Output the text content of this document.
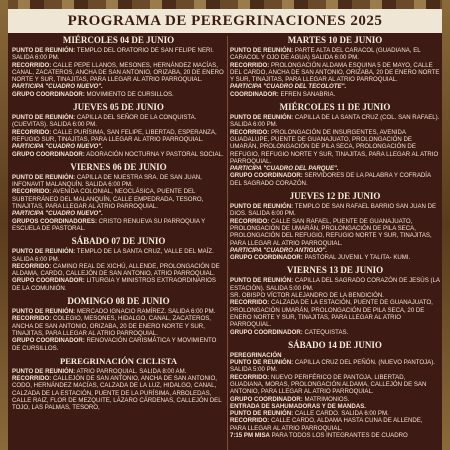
PROGRAMA DE PEREGRINACIONES 2025
MIÉRCOLES 04 DE JUNIO
PUNTO DE REUNIÓN: TEMPLO DEL ORATORIO DE SAN FELIPE NERI. SALIDA 6:00 PM.
RECORRIDO: CALLE PEPE LLANOS, MESONES, HERNÁNDEZ MACÍAS, CANAL, ZACATEROS, ANCHA DE SAN ANTONIO, ORIZABA, 20 DE ENERO NORTE Y SUR, TINAJITAS, PARA LLEGAR AL ATRIO PARROQUIAL.
PARTICIPA "CUADRO NUEVO".
GRUPO COORDINADOR: MOVIMIENTO DE CURSILLOS.
JUEVES 05 DE JUNIO
PUNTO DE REUNIÓN: CAPILLA DEL SEÑOR DE LA CONQUISTA. (CUEVITAS). SALIDA 6:00 PM.
RECORRIDO: CALLE PURÍSIMA, SAN FELIPE, LIBERTAD, ESPERANZA, REFUGIO SUR, TINAJITAS, PARA LLEGAR AL ATRIO PARROQUIAL.
PARTICIPA "CUADRO NUEVO".
GRUPO COORDINADOR: ADORACIÓN NOCTURNA Y PASTORAL SOCIAL.
VIERNES 06 DE JUNIO
PUNTO DE REUNIÓN: CAPILLA DE NUESTRA SRA. DE SAN JUAN, INFONAVIT MALANQUÍN. SALIDA 6:00 PM.
RECORRIDO: AVENIDA COLONIAL, NEOCLÁSICA, PUENTE DEL SUBTERRÁNEO DEL MALANQUÍN, CALLE EMPEDRADA, TESORO, TINAJITAS, PARA LLEGAR AL ATRIO PARROQUIAL.
PARTICIPA "CUADRO NUEVO".
GRUPOS COORDINADORES: CRISTO RENUEVA SU PARROQUIA Y ESCUELA DE PASTORAL.
SÁBADO 07 DE JUNIO
PUNTO DE REUNIÓN: TEMPLO DE LA SANTA CRUZ, VALLE DEL MAÍZ. SALIDA 6:00 PM.
RECORRIDO: CAMINO REAL DE XICHÚ, ALLENDE, PROLONGACIÓN DE ALDAMA, CARDO, CALLEJÓN DE SAN ANTONIO, ATRIO PARROQUIAL.
GRUPO COORDINADOR: LITURGIA Y MINISTROS EXTRAORDINARIOS DE LA COMUNIÓN.
DOMINGO 08 DE JUNIO
PUNTO DE REUNIÓN: MERCADO IGNACIO RAMÍREZ. SALIDA 6:00 PM.
RECORRIDO: COLEGIO, MESONES, HIDALGO, CANAL, ZACATEROS, ANCHA DE SAN ANTONIO, ORIZABA, 20 DE ENERO NORTE Y SUR, TINAJITAS, PARA LLEGAR AL ATRIO PARROQUIAL.
GRUPO COORDINADOR: RENOVACIÓN CARISMÁTICA Y MOVIMIENTO DE CURSILLOS.
PEREGRINACIÓN CICLISTA
PUNTO DE REUNIÓN: ATRIO PARROQUIAL. SALIDA 8:00 AM.
RECORRIDO: CALLEJÓN DE SAN ANTONIO, ANCHA DE SAN ANTONIO, CODO, HERNÁNDEZ MACÍAS, CALZADA DE LA LUZ, HIDALGO, CANAL, CALZADA DE LA ESTACIÓN, PUENTE DE LA PURÍSIMA, ARBOLEDAS, CALLE RAIZ, FLOR DE MEZQUITE, LÁZARO CÁRDENAS, CALLEJÓN DEL TOJO, LAS PALMAS, TESORO,
MARTES 10 DE JUNIO
PUNTO DE REUNIÓN: PARTE ALTA DEL CARACOL (GUADIANA, EL CARACOL Y OJO DE AGUA) SALIDA 6:00 PM.
RECORRIDO: PROLONGACIÓN ALDAMA ESQUINA 5 DE MAYO, CALLE DEL CARDO, ANCHA DE SAN ANTONIO, ORIZABA, 20 DE ENERO NORTE Y SUR, TINAJITAS, PARA LLEGAR AL ATRIO PARROQUIAL.
PARTICIPA "CUADRO DEL TECOLOTE".
COORDINADOR: EFREN SANABRIA.
MIÉRCOLES 11 DE JUNIO
PUNTO DE REUNIÓN: CAPILLA DE LA SANTA CRUZ (COL. SAN RAFAEL). SALIDA 6:00 PM.
RECORRIDO: PROLONGACIÓN DE INSURGENTES, AVENIDA GUADALUPE, PUENTE DE GUANAJUATO, PROLONGACIÓN DE UMARÁN, PROLONGACIÓN DE PILA SECA, PROLONGACIÓN DE REFUGIO, REFUGIO NORTE Y SUR, TINAJITAS, PARA LLEGAR AL ATRIO PARROQUIAL.
PARTICIPA "CUADRO DEL PARQUE".
GRUPO COORDINADOR: SERVIDORES DE LA PALABRA Y COFRADÍA DEL SAGRADO CORAZÓN.
JUEVES 12 DE JUNIO
PUNTO DE REUNIÓN: TEMPLO DE SAN RAFAEL BARRIO SAN JUAN DE DIOS. SALIDA 6:00 PM.
RECORRIDO: CALLE SAN RAFAEL, PUENTE DE GUANAJUATO, PROLONGACIÓN DE UMARÁN, PROLONGACIÓN DE PILA SECA, PROLONGACIÓN DEL REFUGIO, REFUGIO NORTE Y SUR, TINAJITAS, PARA LLEGAR AL ATRIO PARROQUIAL.
PARTICIPA "CUADRO ANTIGUO".
GRUPO COORDINADOR: PASTORAL JUVENIL Y TALITA- KUMI.
VIERNES 13 DE JUNIO
PUNTO DE REUNIÓN: CAPILLA DEL SAGRADO CORAZÓN DE JESÚS (LA ESTACIÓN). SALIDA 5:00 PM.
SR. OBISPO VÍCTOR ALEJANDRO DE LA BENDICIÓN.
RECORRIDO: CALZADA DE LA ESTACIÓN, PUENTE DE GUANAJUATO, PROLONGACIÓN UMARÁN, PROLONGACIÓN DE PILA SECA, 20 DE ENERO NORTE Y SUR, TINAJITAS, PARA LLEGAR AL ATRIO PARROQUIAL.
GRUPO COORDINADOR: CATEQUISTAS.
SÁBADO 14 DE JUNIO
PEREGRINACIÓN
PUNTO DE REUNIÓN: CAPILLA CRUZ DEL PEÑÓN. (NUEVO PANTOJA). SALIDA 5:00 PM.
RECORRIDO: NUEVO PERIFÉRICO DE PANTOJA, LIBERTAD, GUADIANA, MORAS, PROLONGACIÓN ALDAMA, CALLEJÓN DE SAN ANTONIO, PARA LLEGAR AL ATRIO PARROQUIAL.
GRUPO COORDINADOR: MATRIMONIOS.
ENTRADA DE SAHUMADORAS Y DE MANDAS.
PUNTO DE REUNIÓN: CALLE CARDO. SALIDA 6:00 PM.
RECORRIDO: CALLE CARDO, ALDAMA HASTA CUNA DE ALLENDE, PARA LLEGAR AL ATRIO PARROQUIAL.
7:15 PM MISA PARA TODOS LOS INTEGRANTES DE CUADRO
